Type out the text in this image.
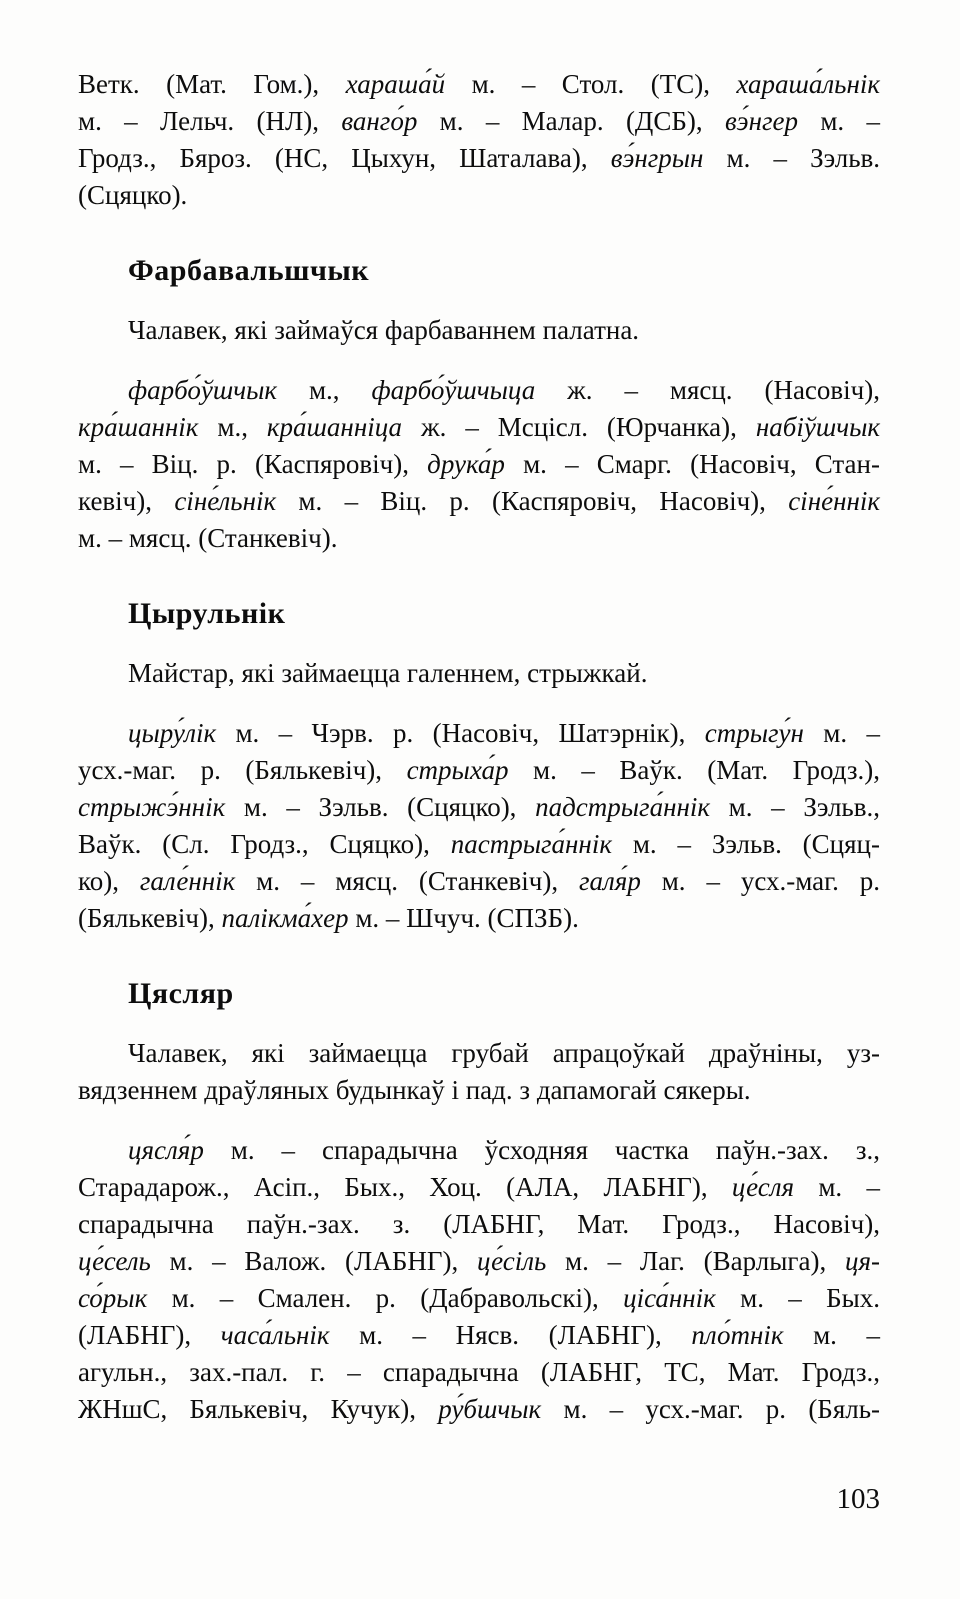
Ветк. (Мат. Гом.), хараша́й м. – Стол. (ТС), хараша́льнік
м. – Лельч. (НЛ), ванго́р м. – Малар. (ДСБ), вэ́нгер м. –
Гродз., Бяроз. (НС, Цыхун, Шаталава), вэ́нгрын м. – Зэльв.
(Сцяцко).
Фарбавальшчык
Чалавек, які займаўся фарбаваннем палатна.
фарбо́ўшчык м., фарбо́ўшчыца ж. – мясц. (Насовіч),
кра́шаннік м., кра́шанніца ж. – Мсцісл. (Юрчанка), набіўшчык
м. – Віц. р. (Каспяровіч), друка́р м. – Смарг. (Насовіч, Стан-
кевіч), сіне́льнік м. – Віц. р. (Каспяровіч, Насовіч), сіне́ннік
м. – мясц. (Станкевіч).
Цырульнік
Майстар, які займаецца галеннем, стрыжкай.
цыру́лік м. – Чэрв. р. (Насовіч, Шатэрнік), стрыгу́н м. –
усх.-маг. р. (Бялькевіч), стрыха́р м. – Ваўк. (Мат. Гродз.),
стрыжэ́ннік м. – Зэльв. (Сцяцко), падстрыга́ннік м. – Зэльв.,
Ваўк. (Сл. Гродз., Сцяцко), пастрыга́ннік м. – Зэльв. (Сцяц-
ко), гале́ннік м. – мясц. (Станкевіч), галя́р м. – усх.-маг. р.
(Бялькевіч), палікма́хер м. – Шчуч. (СПЗБ).
Цясляр
Чалавек, які займаецца грубай апрацоўкай драўніны, уз-
вядзеннем драўляных будынкаў і пад. з дапамогай сякеры.
цясля́р м. – спарадычна ўсходняя частка паўн.-зах. з.,
Старадарож., Асіп., Бых., Хоц. (АЛА, ЛАБНГ), це́сля м. –
спарадычна паўн.-зах. з. (ЛАБНГ, Мат. Гродз., Насовіч),
це́сель м. – Валож. (ЛАБНГ), це́сіль м. – Лаг. (Варлыга), ця-
со́рык м. – Смален. р. (Дабравольскі), ціса́ннік м. – Бых.
(ЛАБНГ), часа́льнік м. – Нясв. (ЛАБНГ), пло́тнік м. –
агульн., зах.-пал. г. – спарадычна (ЛАБНГ, ТС, Мат. Гродз.,
ЖНшС, Бялькевіч, Кучук), ру́бшчык м. – усх.-маг. р. (Бяль-
103
